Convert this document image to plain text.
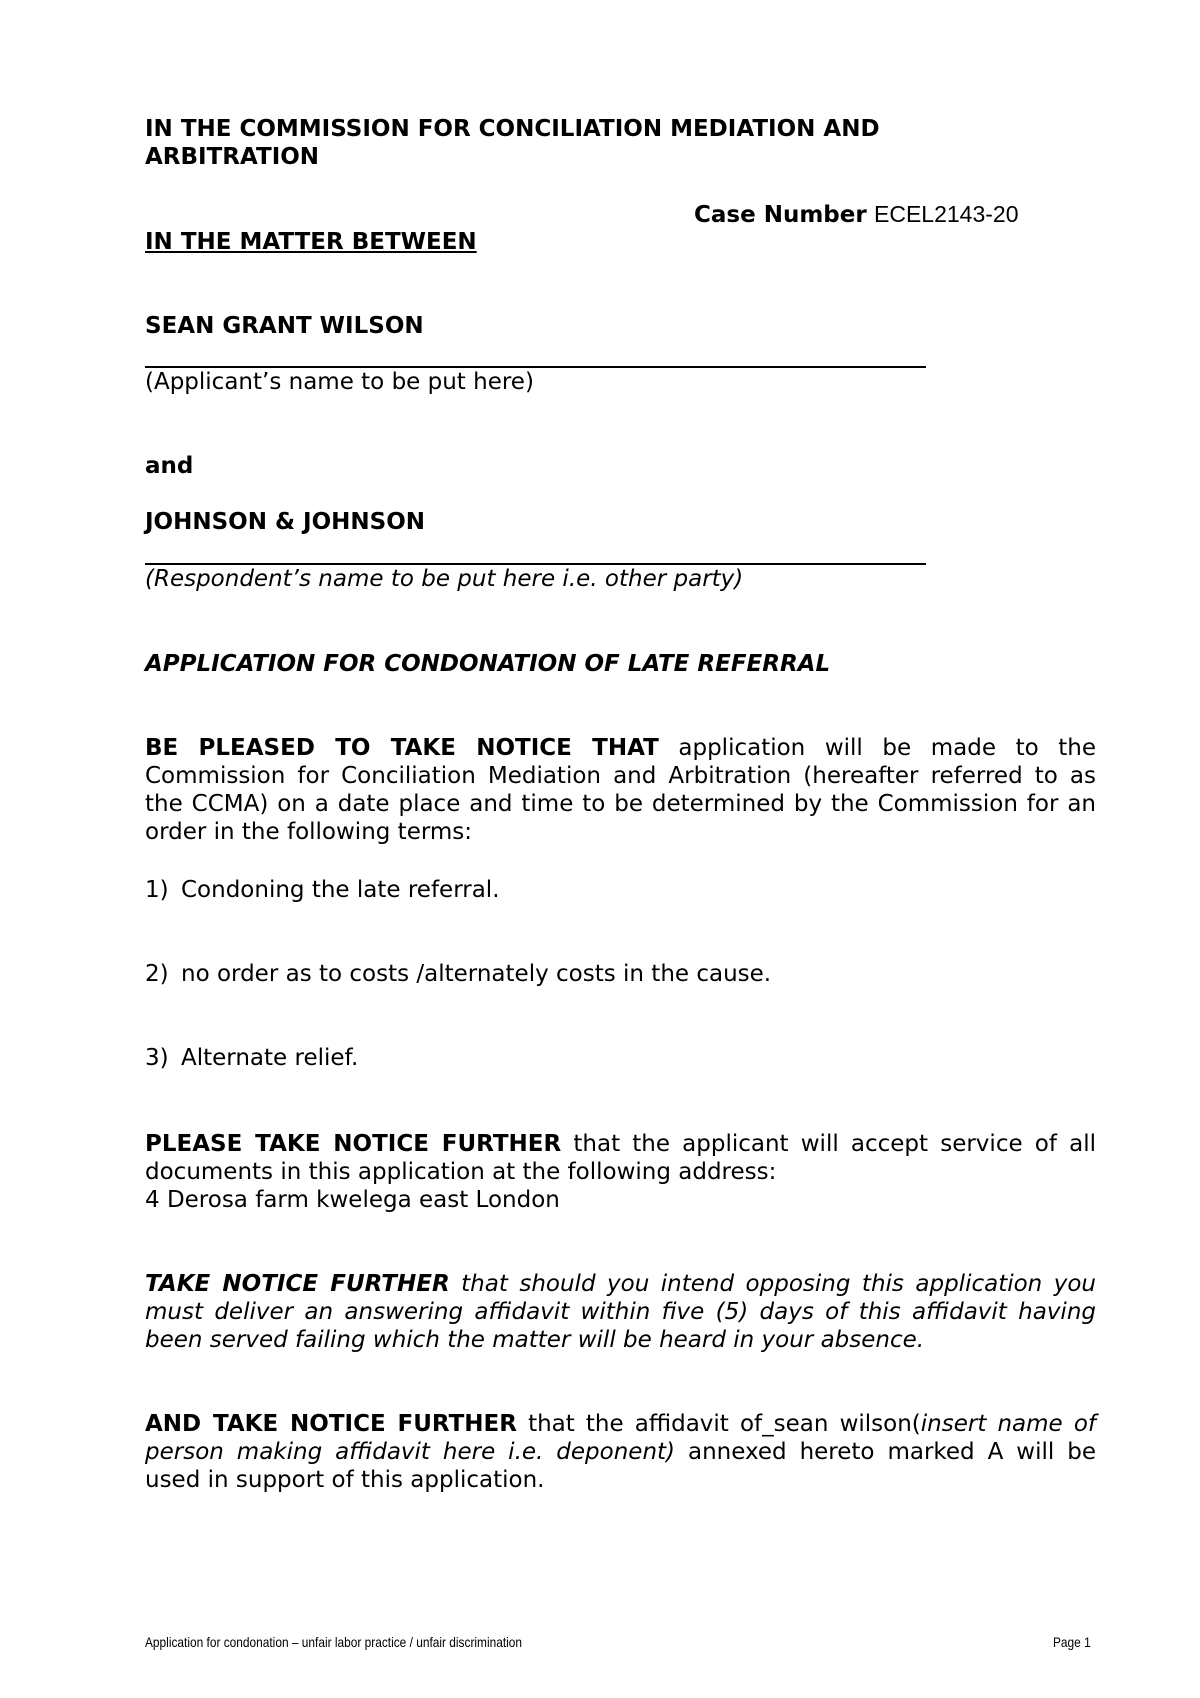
IN THE COMMISSION FOR CONCILIATION MEDIATION AND ARBITRATION

Case Number ECEL2143-20

IN THE MATTER BETWEEN

SEAN GRANT WILSON

(Applicant’s name to be put here)

and

JOHNSON & JOHNSON

(Respondent’s name to be put here i.e. other party)

APPLICATION FOR CONDONATION OF LATE REFERRAL

BE PLEASED TO TAKE NOTICE THAT application will be made to the Commission for Conciliation Mediation and Arbitration (hereafter referred to as the CCMA) on a date place and time to be determined by the Commission for an order in the following terms:

1) Condoning the late referral.
2) no order as to costs /alternately costs in the cause.
3) Alternate relief.

PLEASE TAKE NOTICE FURTHER that the applicant will accept service of all documents in this application at the following address:

4 Derosa farm kwelega east London

TAKE NOTICE FURTHER that should you intend opposing this application you must deliver an answering affidavit within five (5) days of this affidavit having been served failing which the matter will be heard in your absence.

AND TAKE NOTICE FURTHER that the affidavit of_sean wilson(insert name of person making affidavit here i.e. deponent) annexed hereto marked A will be used in support of this application.

Application for condonation – unfair labor practice / unfair discrimination	Page 1
